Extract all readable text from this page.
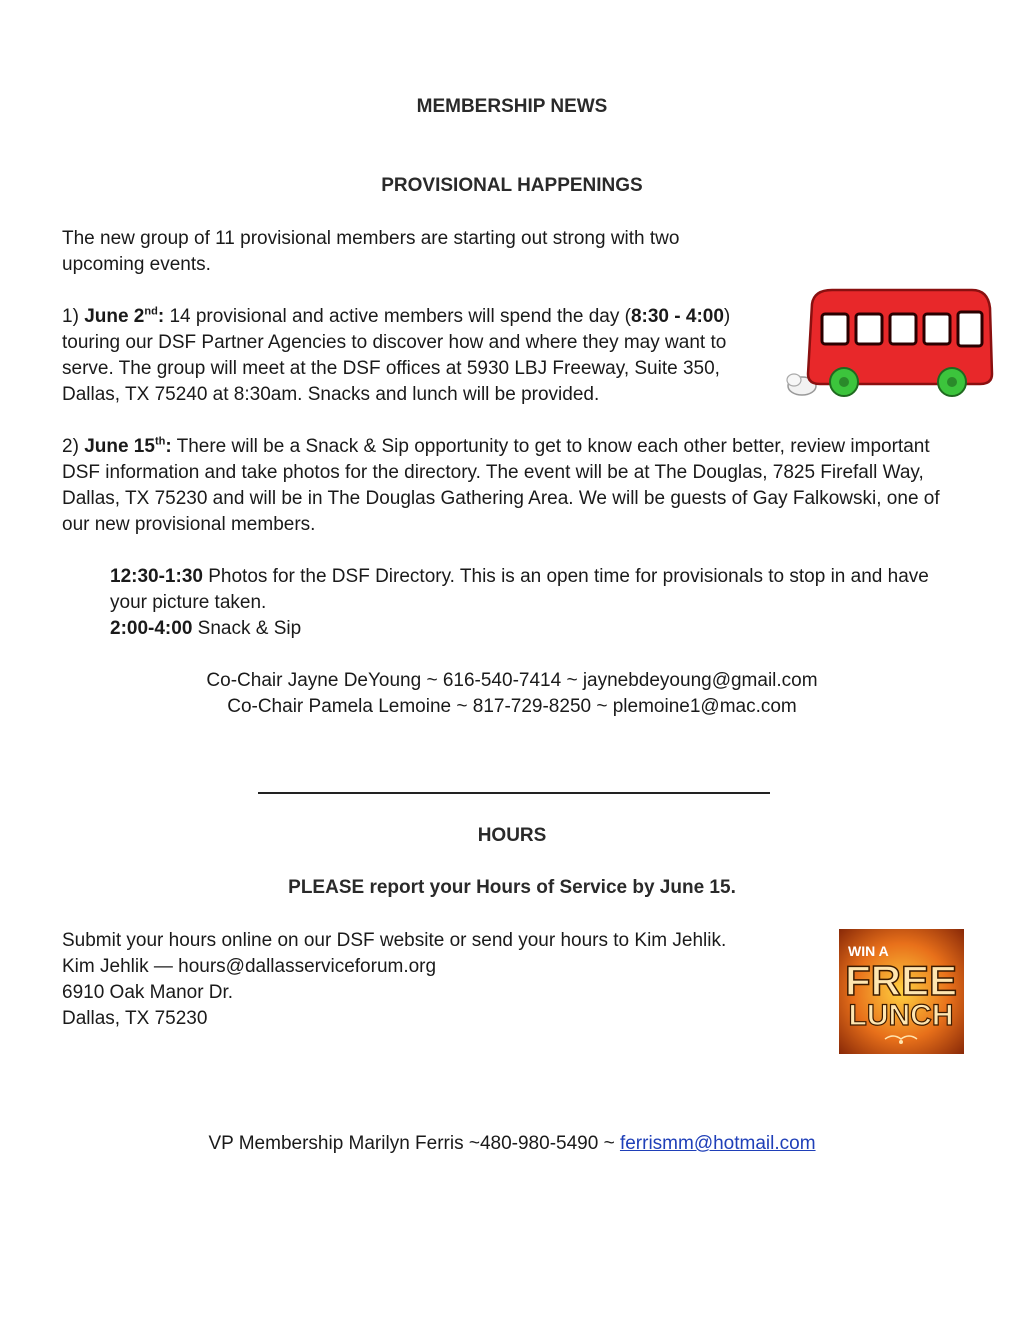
MEMBERSHIP NEWS
PROVISIONAL HAPPENINGS
The new group of 11 provisional members are starting out strong with two upcoming events.
1) June 2nd: 14 provisional and active members will spend the day (8:30 - 4:00) touring our DSF Partner Agencies to discover how and where they may want to serve. The group will meet at the DSF offices at 5930 LBJ Freeway, Suite 350, Dallas, TX 75240 at 8:30am. Snacks and lunch will be provided.
2) June 15th: There will be a Snack & Sip opportunity to get to know each other better, review important DSF information and take photos for the directory. The event will be at The Douglas, 7825 Firefall Way, Dallas, TX 75230 and will be in The Douglas Gathering Area. We will be guests of Gay Falkowski, one of our new provisional members.
12:30-1:30 Photos for the DSF Directory. This is an open time for provisionals to stop in and have your picture taken.
2:00-4:00 Snack & Sip
Co-Chair Jayne DeYoung ~ 616-540-7414 ~ jaynebdeyoung@gmail.com
Co-Chair Pamela Lemoine ~ 817-729-8250 ~ plemoine1@mac.com
HOURS
PLEASE report your Hours of Service by June 15.
Submit your hours online on our DSF website or send your hours to Kim Jehlik.
Kim Jehlik — hours@dallasserviceforum.org
6910 Oak Manor Dr.
Dallas, TX 75230
WIN A
FREE
LUNCH
VP Membership Marilyn Ferris ~480-980-5490 ~ ferrismm@hotmail.com
